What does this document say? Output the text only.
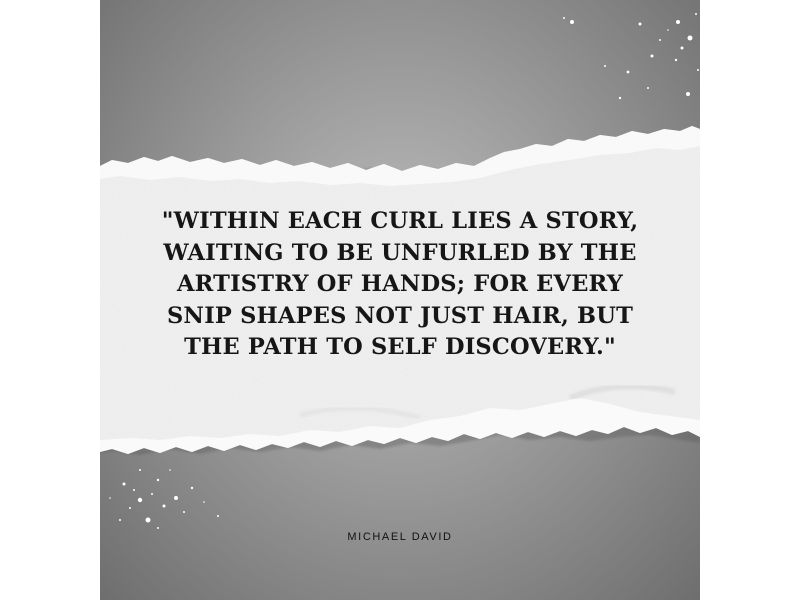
"WITHIN EACH CURL LIES A STORY, WAITING TO BE UNFURLED BY THE ARTISTRY OF HANDS; FOR EVERY SNIP SHAPES NOT JUST HAIR, BUT THE PATH TO SELF DISCOVERY."

MICHAEL DAVID
